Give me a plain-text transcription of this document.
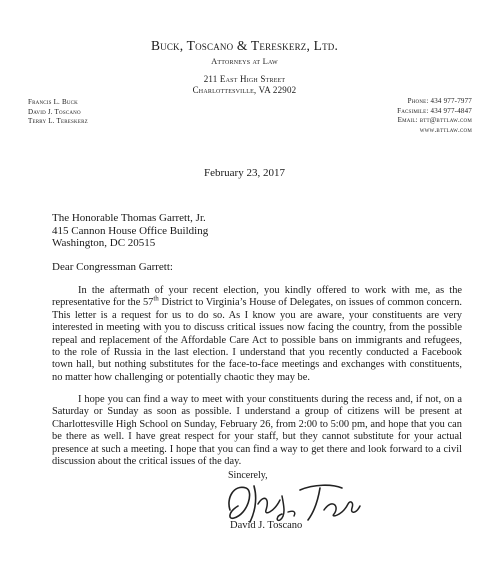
Buck, Toscano & Tereskerz, Ltd.
Attorneys at Law
211 East High Street
Charlottesville, VA 22902
Francis L. Buck
David J. Toscano
Terry L. Tereskerz
Phone: 434 977-7977
Facsimile: 434 977-4847
Email: btt@bttlaw.com
www.bttlaw.com
February 23, 2017
The Honorable Thomas Garrett, Jr.
415 Cannon House Office Building
Washington, DC 20515
Dear Congressman Garrett:
In the aftermath of your recent election, you kindly offered to work with me, as the representative for the 57th District to Virginia’s House of Delegates, on issues of common concern. This letter is a request for us to do so. As I know you are aware, your constituents are very interested in meeting with you to discuss critical issues now facing the country, from the possible repeal and replacement of the Affordable Care Act to possible bans on immigrants and refugees, to the role of Russia in the last election. I understand that you recently conducted a Facebook town hall, but nothing substitutes for the face-to-face meetings and exchanges with constituents, no matter how challenging or potentially chaotic they may be.
I hope you can find a way to meet with your constituents during the recess and, if not, on a Saturday or Sunday as soon as possible. I understand a group of citizens will be present at Charlottesville High School on Sunday, February 26, from 2:00 to 5:00 pm, and hope that you can be there as well. I have great respect for your staff, but they cannot substitute for your actual presence at such a meeting. I hope that you can find a way to get there and look forward to a civil discussion about the critical issues of the day.
Sincerely,
David J. Toscano
